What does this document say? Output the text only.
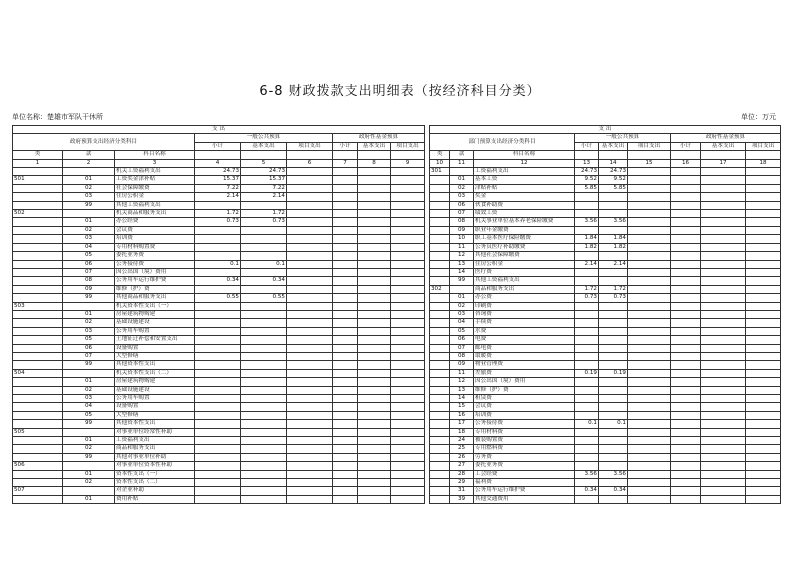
6-8 财政拨款支出明细表（按经济科目分类）
单位名称：楚雄市军队干休所	单位：万元
支 出								
政府预算支出经济分类科目			一般公共预算			政府性基金预算		
			小计	基本支出	项目支出	小计	基本支出	项目支出
类	款	科目名称						
1	2	3	4	5	6	7	8	9
		机关工资福利支出	24.73	24.73				
501	01	工资奖金津补贴	15.37	15.37				
	02	社会保障缴费	7.22	7.22				
	03	住房公积金	2.14	2.14				
	99	其他工资福利支出						
502		机关商品和服务支出	1.72	1.72				
	01	办公经费	0.73	0.73				
	02	会议费						
	03	培训费						
	04	专用材料购置费						
	05	委托业务费						
	06	公务接待费	0.1	0.1				
	07	因公出国（境）费用						
	08	公务用车运行维护费	0.34	0.34				
	09	维修（护）费						
	99	其他商品和服务支出	0.55	0.55				
503		机关资本性支出（一）						
	01	房屋建筑物购建						
	02	基础设施建设						
	03	公务用车购置						
	05	土地征迁补偿和安置支出						
	06	设备购置						
	07	大型修缮						
	99	其他资本性支出						
504		机关资本性支出（二）						
	01	房屋建筑物购建						
	02	基础设施建设						
	03	公务用车购置						
	04	设备购置						
	05	大型修缮						
	99	其他资本性支出						
505		对事业单位经常性补助						
	01	工资福利支出						
	02	商品和服务支出						
	99	其他对事业单位补助						
506		对事业单位资本性补助						
	01	资本性支出（一）						
	02	资本性支出（二）						
507		对企业补助						
	01	费用补贴						
支 出								
部门预算支出经济分类科目			一般公共预算			政府性基金预算		
			小计	基本支出	项目支出	小计	基本支出	项目支出
类	款	科目名称						
10	11	12	13	14	15	16	17	18
301		工资福利支出	24.73	24.73				
	01	基本工资	9.52	9.52				
	02	津贴补贴	5.85	5.85				
	03	奖金						
	06	伙食补助费						
	07	绩效工资						
	08	机关事业单位基本养老保险缴费	3.56	3.56				
	09	职业年金缴费						
	10	职工基本医疗保险缴费	1.84	1.84				
	11	公务员医疗补助缴费	1.82	1.82				
	12	其他社会保障缴费						
	13	住房公积金	2.14	2.14				
	14	医疗费						
	99	其他工资福利支出						
302		商品和服务支出	1.72	1.72				
	01	办公费	0.73	0.73				
	02	印刷费						
	03	咨询费						
	04	手续费						
	05	水费						
	06	电费						
	07	邮电费						
	08	取暖费						
	09	物业管理费						
	11	差旅费	0.19	0.19				
	12	因公出国（境）费用						
	13	维修（护）费						
	14	租赁费						
	15	会议费						
	16	培训费						
	17	公务接待费	0.1	0.1				
	18	专用材料费						
	24	被装购置费						
	25	专用燃料费						
	26	劳务费						
	27	委托业务费						
	28	工会经费	3.56	3.56				
	29	福利费						
	31	公务用车运行维护费	0.34	0.34				
	39	其他交通费用						
